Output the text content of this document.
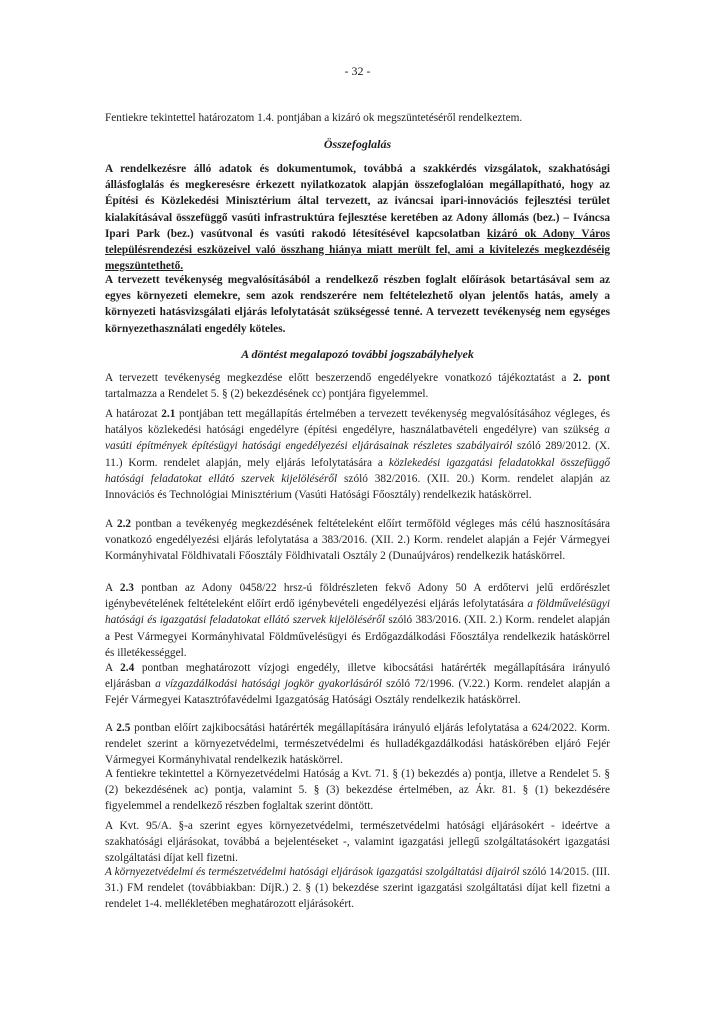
- 32 -

Fentiekre tekintettel határozatom 1.4. pontjában a kizáró ok megszüntetéséről rendelkeztem.

Összefoglalás

A rendelkezésre álló adatok és dokumentumok, továbbá a szakkérdés vizsgálatok, szakhatósági állásfoglalás és megkeresésre érkezett nyilatkozatok alapján összefoglalóan megállapítható, hogy az Építési és Közlekedési Minisztérium által tervezett, az iváncsai ipari-innovációs fejlesztési terület kialakításával összefüggő vasúti infrastruktúra fejlesztése keretében az Adony állomás (bez.) – Iváncsa Ipari Park (bez.) vasútvonal és vasúti rakodó létesítésével kapcsolatban kizáró ok Adony Város településrendezési eszközeivel való összhang hiánya miatt merült fel, ami a kivitelezés megkezdéséig megszüntethető.

A tervezett tevékenység megvalósításából a rendelkező részben foglalt előírások betartásával sem az egyes környezeti elemekre, sem azok rendszerére nem feltételezhető olyan jelentős hatás, amely a környezeti hatásvizsgálati eljárás lefolytatását szükségessé tenné. A tervezett tevékenység nem egységes környezethasználati engedély köteles.

A döntést megalapozó további jogszabályhelyek

A tervezett tevékenység megkezdése előtt beszerzendő engedélyekre vonatkozó tájékoztatást a 2. pont tartalmazza a Rendelet 5. § (2) bekezdésének cc) pontjára figyelemmel.

A határozat 2.1 pontjában tett megállapítás értelmében a tervezett tevékenység megvalósításához végleges, és hatályos közlekedési hatósági engedélyre (építési engedélyre, használatbavételi engedélyre) van szükség a vasúti építmények építésügyi hatósági engedélyezési eljárásainak részletes szabályairól szóló 289/2012. (X. 11.) Korm. rendelet alapján, mely eljárás lefolytatására a közlekedési igazgatási feladatokkal összefüggő hatósági feladatokat ellátó szervek kijelöléséről szóló 382/2016. (XII. 20.) Korm. rendelet alapján az Innovációs és Technológiai Minisztérium (Vasúti Hatósági Főosztály) rendelkezik hatáskörrel.

A 2.2 pontban a tevékenyég megkezdésének feltételeként előírt termőföld végleges más célú hasznosítására vonatkozó engedélyezési eljárás lefolytatása a 383/2016. (XII. 2.) Korm. rendelet alapján a Fejér Vármegyei Kormányhivatal Földhivatali Főosztály Földhivatali Osztály 2 (Dunaújváros) rendelkezik hatáskörrel.

A 2.3 pontban az Adony 0458/22 hrsz-ú földrészleten fekvő Adony 50 A erdőtervi jelű erdőrészlet igénybevételének feltételeként előírt erdő igénybevételi engedélyezési eljárás lefolytatására a földművelésügyi hatósági és igazgatási feladatokat ellátó szervek kijelöléséről szóló 383/2016. (XII. 2.) Korm. rendelet alapján a Pest Vármegyei Kormányhivatal Földművelésügyi és Erdőgazdálkodási Főosztálya rendelkezik hatáskörrel és illetékességgel.

A 2.4 pontban meghatározott vízjogi engedély, illetve kibocsátási határérték megállapítására irányuló eljárásban a vízgazdálkodási hatósági jogkör gyakorlásáról szóló 72/1996. (V.22.) Korm. rendelet alapján a Fejér Vármegyei Katasztrófavédelmi Igazgatóság Hatósági Osztály rendelkezik hatáskörrel.

A 2.5 pontban előírt zajkibocsátási határérték megállapítására irányuló eljárás lefolytatása a 624/2022. Korm. rendelet szerint a környezetvédelmi, természetvédelmi és hulladékgazdálkodási hatáskörében eljáró Fejér Vármegyei Kormányhivatal rendelkezik hatáskörrel.

A fentiekre tekintettel a Környezetvédelmi Hatóság a Kvt. 71. § (1) bekezdés a) pontja, illetve a Rendelet 5. § (2) bekezdésének ac) pontja, valamint 5. § (3) bekezdése értelmében, az Ákr. 81. § (1) bekezdésére figyelemmel a rendelkező részben foglaltak szerint döntött.

A Kvt. 95/A. §-a szerint egyes környezetvédelmi, természetvédelmi hatósági eljárásokért - ideértve a szakhatósági eljárásokat, továbbá a bejelentéseket -, valamint igazgatási jellegű szolgáltatásokért igazgatási szolgáltatási díjat kell fizetni.

A környezetvédelmi és természetvédelmi hatósági eljárások igazgatási szolgáltatási díjairól szóló 14/2015. (III. 31.) FM rendelet (továbbiakban: DíjR.) 2. § (1) bekezdése szerint igazgatási szolgáltatási díjat kell fizetni a rendelet 1-4. mellékletében meghatározott eljárásokért.
